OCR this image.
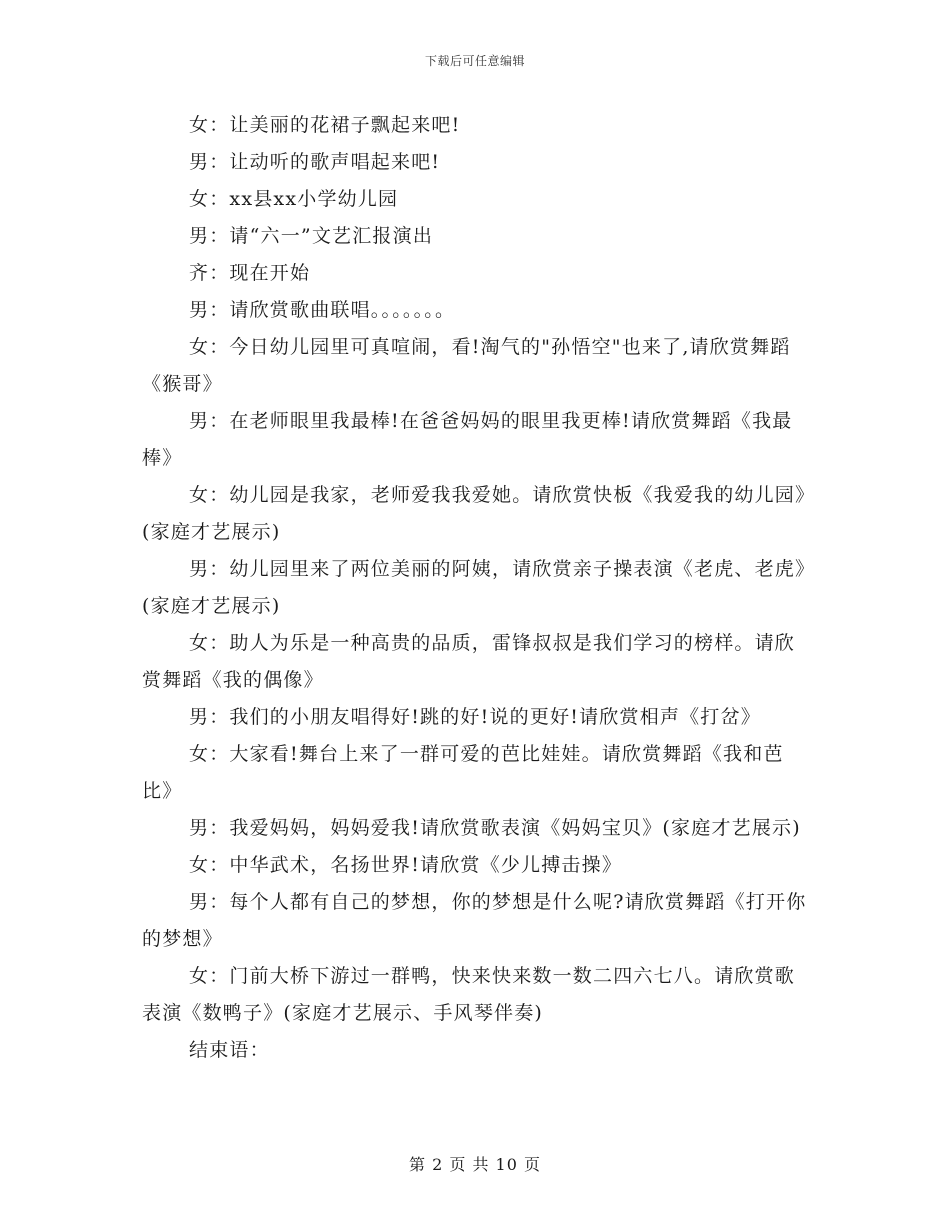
下载后可任意编辑

女：让美丽的花裙子飘起来吧!

男：让动听的歌声唱起来吧!

女：xx县xx小学幼儿园

男：请“六一”文艺汇报演出

齐：现在开始

男：请欣赏歌曲联唱。。。。。。。

女：今日幼儿园里可真喧闹，看!淘气的"孙悟空"也来了,请欣赏舞蹈《猴哥》

男：在老师眼里我最棒!在爸爸妈妈的眼里我更棒!请欣赏舞蹈《我最棒》

女：幼儿园是我家，老师爱我我爱她。请欣赏快板《我爱我的幼儿园》(家庭才艺展示)

男：幼儿园里来了两位美丽的阿姨，请欣赏亲子操表演《老虎、老虎》(家庭才艺展示)

女：助人为乐是一种高贵的品质，雷锋叔叔是我们学习的榜样。请欣赏舞蹈《我的偶像》

男：我们的小朋友唱得好!跳的好!说的更好!请欣赏相声《打岔》

女：大家看!舞台上来了一群可爱的芭比娃娃。请欣赏舞蹈《我和芭比》

男：我爱妈妈，妈妈爱我!请欣赏歌表演《妈妈宝贝》(家庭才艺展示)

女：中华武术，名扬世界!请欣赏《少儿搏击操》

男：每个人都有自己的梦想，你的梦想是什么呢?请欣赏舞蹈《打开你的梦想》

女：门前大桥下游过一群鸭，快来快来数一数二四六七八。请欣赏歌表演《数鸭子》(家庭才艺展示、手风琴伴奏)

结束语：

第 2 页 共 10 页
